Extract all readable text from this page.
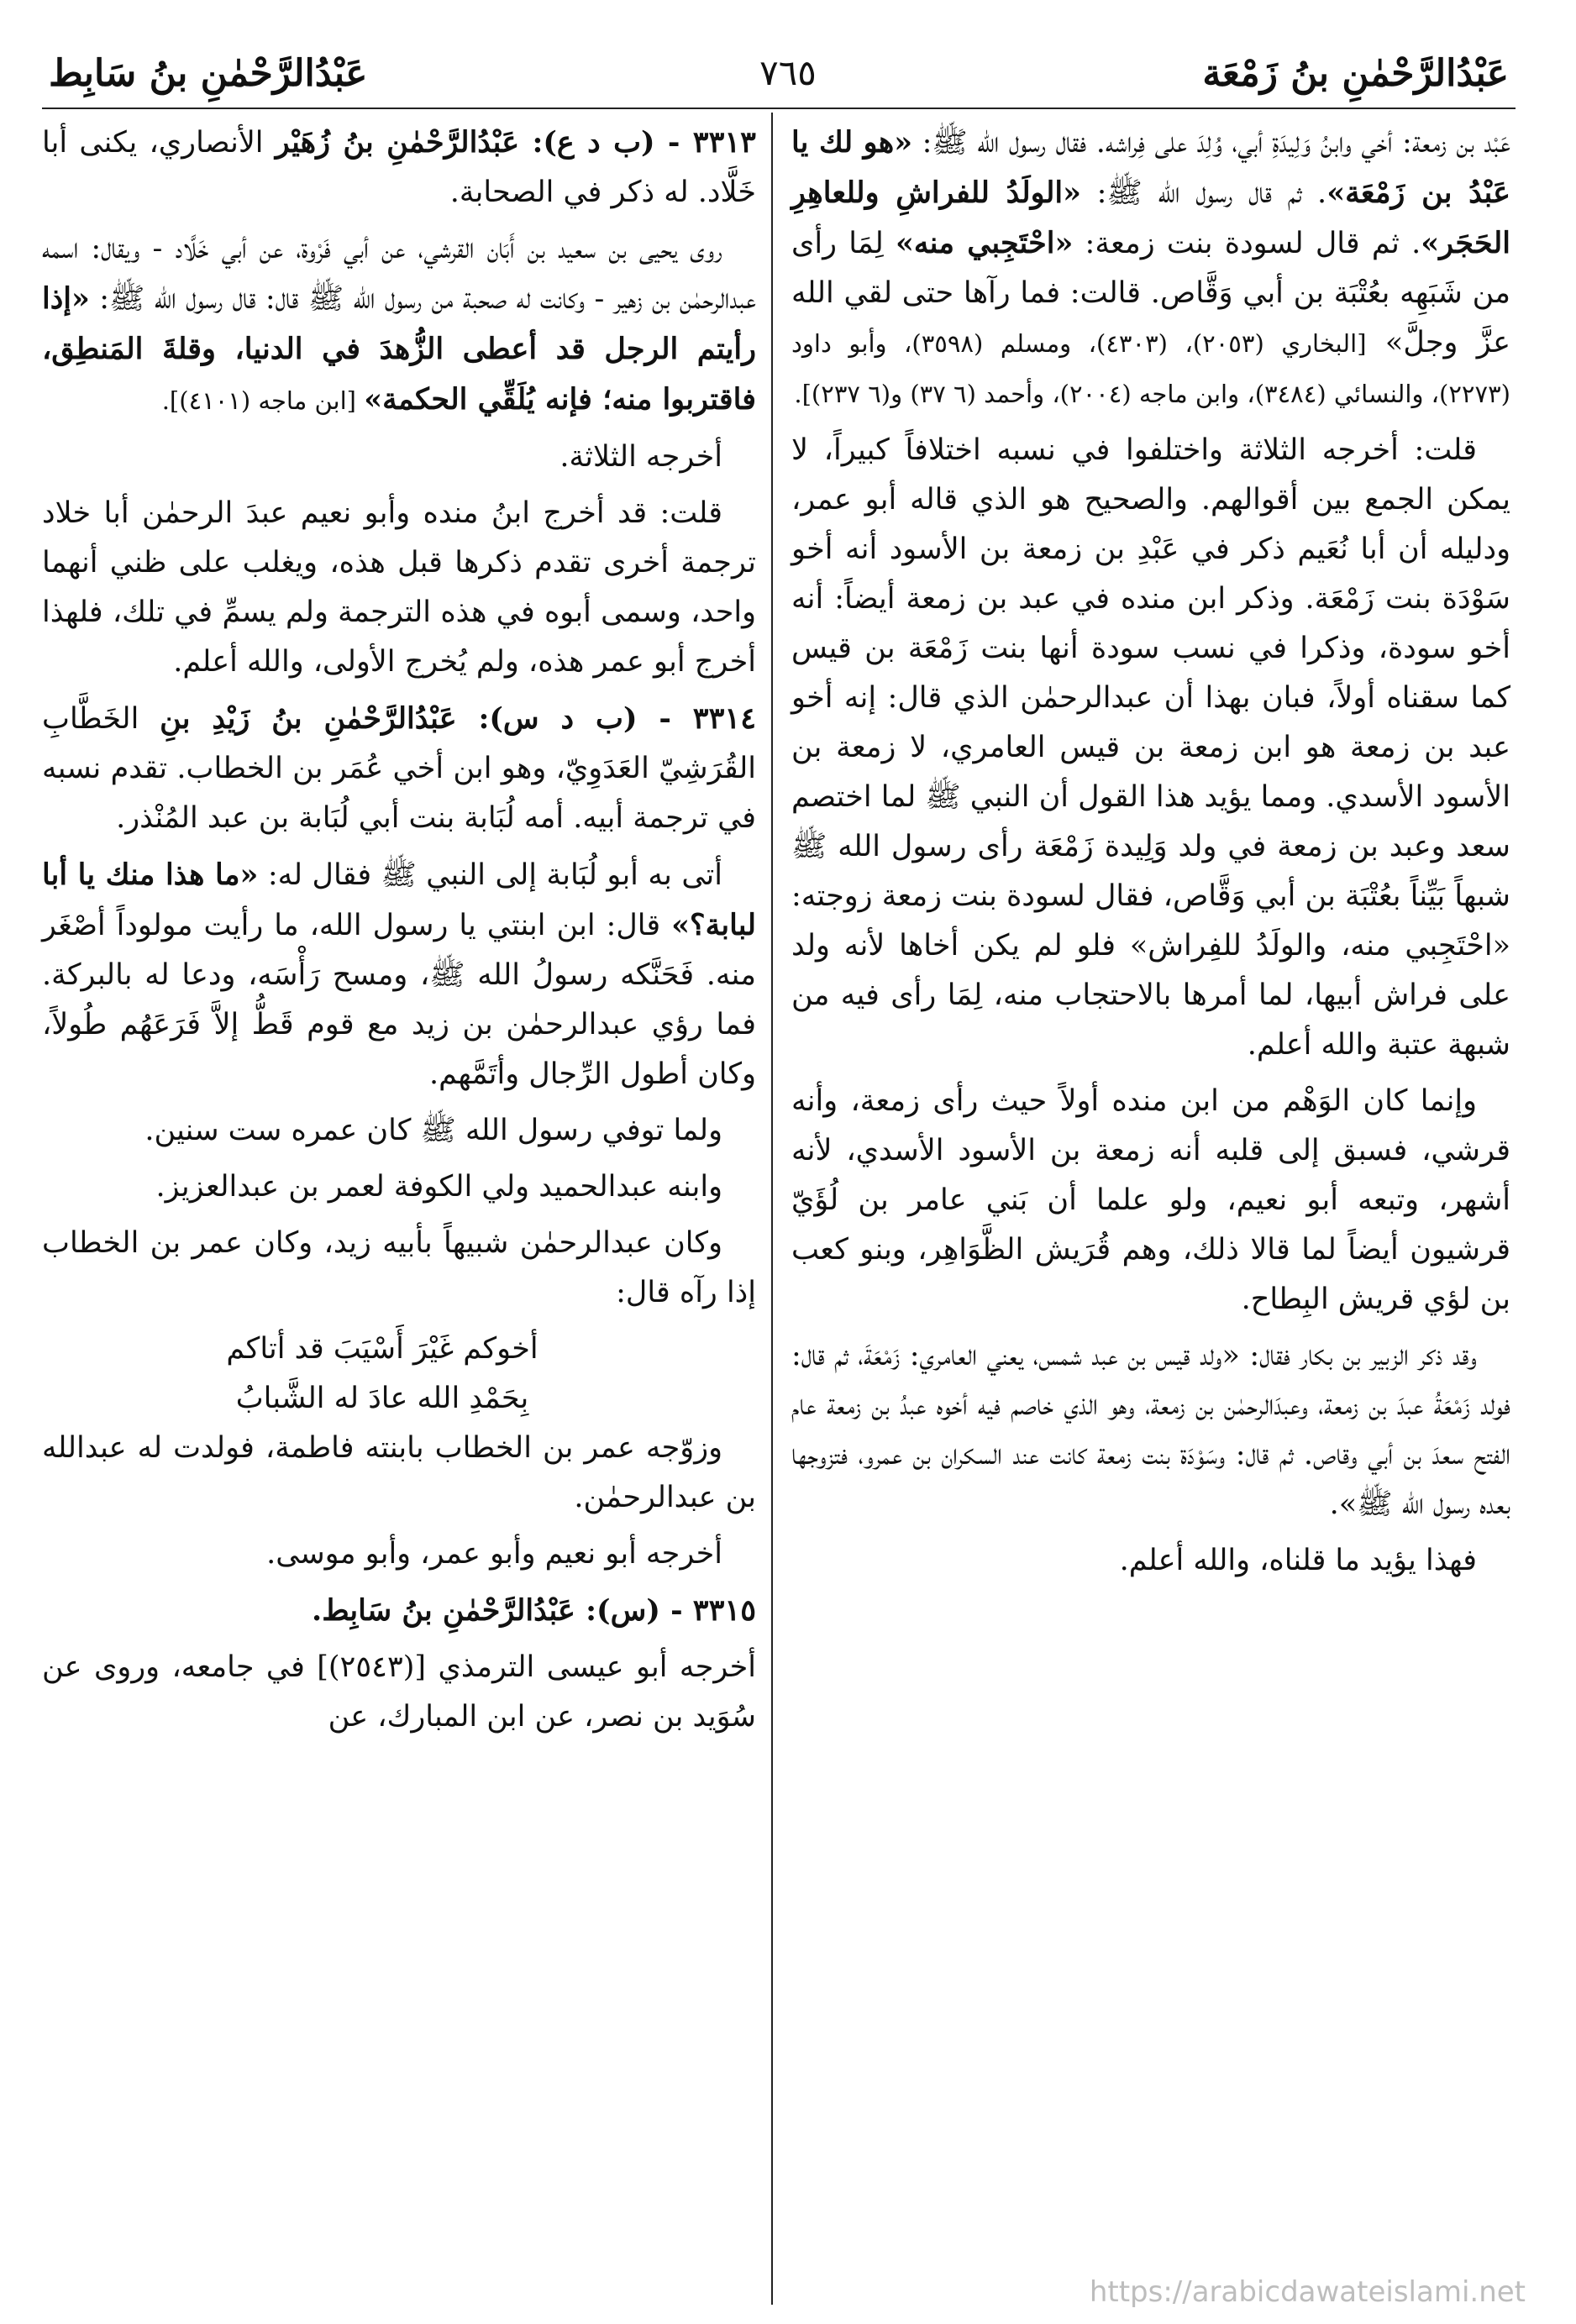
عَبْدُالرَّحْمٰنِ بنُ زَمْعَة
٧٦٥
عَبْدُالرَّحْمٰنِ بنُ سَابِط

عَبْد بن زمعة: أخي وابنُ وَلِيدَةِ أبي، وُلِدَ على فِراشه. فقال رسول الله ﷺ: «هو لك يا عَبْدُ بن زَمْعَة». ثم قال رسول الله ﷺ: «الولَدُ للفراشِ وللعاهِرِ الحَجَر». ثم قال لسودة بنت زمعة: «احْتَجِبي منه» لِمَا رأى من شَبَهِه بعُتْبَة بن أبي وَقَّاص. قالت: فما رآها حتى لقي الله عزَّ وجلَّ» [البخاري (٢٠٥٣)، (٤٣٠٣)، ومسلم (٣٥٩٨)، وأبو داود (٢٢٧٣)، والنسائي (٣٤٨٤)، وابن ماجه (٢٠٠٤)، وأحمد (٦ ٣٧) و(٦ ٢٣٧)].

قلت: أخرجه الثلاثة واختلفوا في نسبه اختلافاً كبيراً، لا يمكن الجمع بين أقوالهم. والصحيح هو الذي قاله أبو عمر، ودليله أن أبا نُعَيم ذكر في عَبْدِ بن زمعة بن الأسود أنه أخو سَوْدَة بنت زَمْعَة. وذكر ابن منده في عبد بن زمعة أيضاً: أنه أخو سودة، وذكرا في نسب سودة أنها بنت زَمْعَة بن قيس كما سقناه أولاً، فبان بهذا أن عبدالرحمٰن الذي قال: إنه أخو عبد بن زمعة هو ابن زمعة بن قيس العامري، لا زمعة بن الأسود الأسدي. ومما يؤيد هذا القول أن النبي ﷺ لما اختصم سعد وعبد بن زمعة في ولد وَلِيدة زَمْعَة رأى رسول الله ﷺ شبهاً بَيِّناً بعُتْبَة بن أبي وَقَّاص، فقال لسودة بنت زمعة زوجته: «احْتَجِبي منه، والولَدُ للفِراش» فلو لم يكن أخاها لأنه ولد على فراش أبيها، لما أمرها بالاحتجاب منه، لِمَا رأى فيه من شبهة عتبة والله أعلم.

وإنما كان الوَهْم من ابن منده أولاً حيث رأى زمعة، وأنه قرشي، فسبق إلى قلبه أنه زمعة بن الأسود الأسدي، لأنه أشهر، وتبعه أبو نعيم، ولو علما أن بَني عامر بن لُؤَيّ قرشيون أيضاً لما قالا ذلك، وهم قُرَيش الظَّوَاهِر، وبنو كعب بن لؤي قريش البِطاح.

وقد ذكر الزبير بن بكار فقال: «ولد قيس بن عبد شمس، يعني العامري: زَمْعَةَ، ثم قال: فولد زَمْعَةُ عبدَ بن زمعة، وعبدَالرحمٰن بن زمعة، وهو الذي خاصم فيه أخوه عبدُ بن زمعة عام الفتح سعدَ بن أبي وقاص. ثم قال: وسَوْدَة بنت زمعة كانت عند السكران بن عمرو، فتزوجها بعده رسول الله ﷺ».

فهذا يؤيد ما قلناه، والله أعلم.

٣٣١٣ - (ب د ع): عَبْدُالرَّحْمٰنِ بنُ زُهَيْر الأنصاري، يكنى أبا خَلَّاد. له ذكر في الصحابة.

روى يحيى بن سعيد بن أَبَان القرشي، عن أبي فَرْوة، عن أبي خَلَّاد - ويقال: اسمه عبدالرحمٰن بن زهير - وكانت له صحبة من رسول الله ﷺ قال: قال رسول الله ﷺ: «إذا رأيتم الرجل قد أعطى الزُّهدَ في الدنيا، وقلةَ المَنطِق، فاقتربوا منه؛ فإنه يُلَقِّي الحكمة» [ابن ماجه (٤١٠١)].

أخرجه الثلاثة.

قلت: قد أخرج ابنُ منده وأبو نعيم عبدَ الرحمٰن أبا خلاد ترجمة أخرى تقدم ذكرها قبل هذه، ويغلب على ظني أنهما واحد، وسمى أبوه في هذه الترجمة ولم يسمِّ في تلك، فلهذا أخرج أبو عمر هذه، ولم يُخرج الأولى، والله أعلم.

٣٣١٤ - (ب د س): عَبْدُالرَّحْمٰنِ بنُ زَيْدِ بنِ الخَطَّابِ القُرَشِيّ العَدَوِيّ، وهو ابن أخي عُمَر بن الخطاب. تقدم نسبه في ترجمة أبيه. أمه لُبَابة بنت أبي لُبَابة بن عبد المُنْذر.

أتى به أبو لُبَابة إلى النبي ﷺ فقال له: «ما هذا منك يا أبا لبابة؟» قال: ابن ابنتي يا رسول الله، ما رأيت مولوداً أصْغَر منه. فَحَنَّكه رسولُ الله ﷺ، ومسح رَأْسَه، ودعا له بالبركة. فما رؤي عبدالرحمٰن بن زيد مع قوم قَطُّ إلاَّ فَرَعَهُم طُولاً، وكان أطول الرِّجال وأتَمَّهم.

ولما توفي رسول الله ﷺ كان عمره ست سنين.

وابنه عبدالحميد ولي الكوفة لعمر بن عبدالعزيز.

وكان عبدالرحمٰن شبيهاً بأبيه زيد، وكان عمر بن الخطاب إذا رآه قال:

أخوكم غَيْرَ أَسْيَبَ قد أتاكم

بِحَمْدِ الله عادَ له الشَّبابُ

وزوّجه عمر بن الخطاب بابنته فاطمة، فولدت له عبدالله بن عبدالرحمٰن.

أخرجه أبو نعيم وأبو عمر، وأبو موسى.

٣٣١٥ - (س): عَبْدُالرَّحْمٰنِ بنُ سَابِط.

أخرجه أبو عيسى الترمذي [(٢٥٤٣)] في جامعه، وروى عن سُوَيد بن نصر، عن ابن المبارك، عن

https://arabicdawateislami.net
